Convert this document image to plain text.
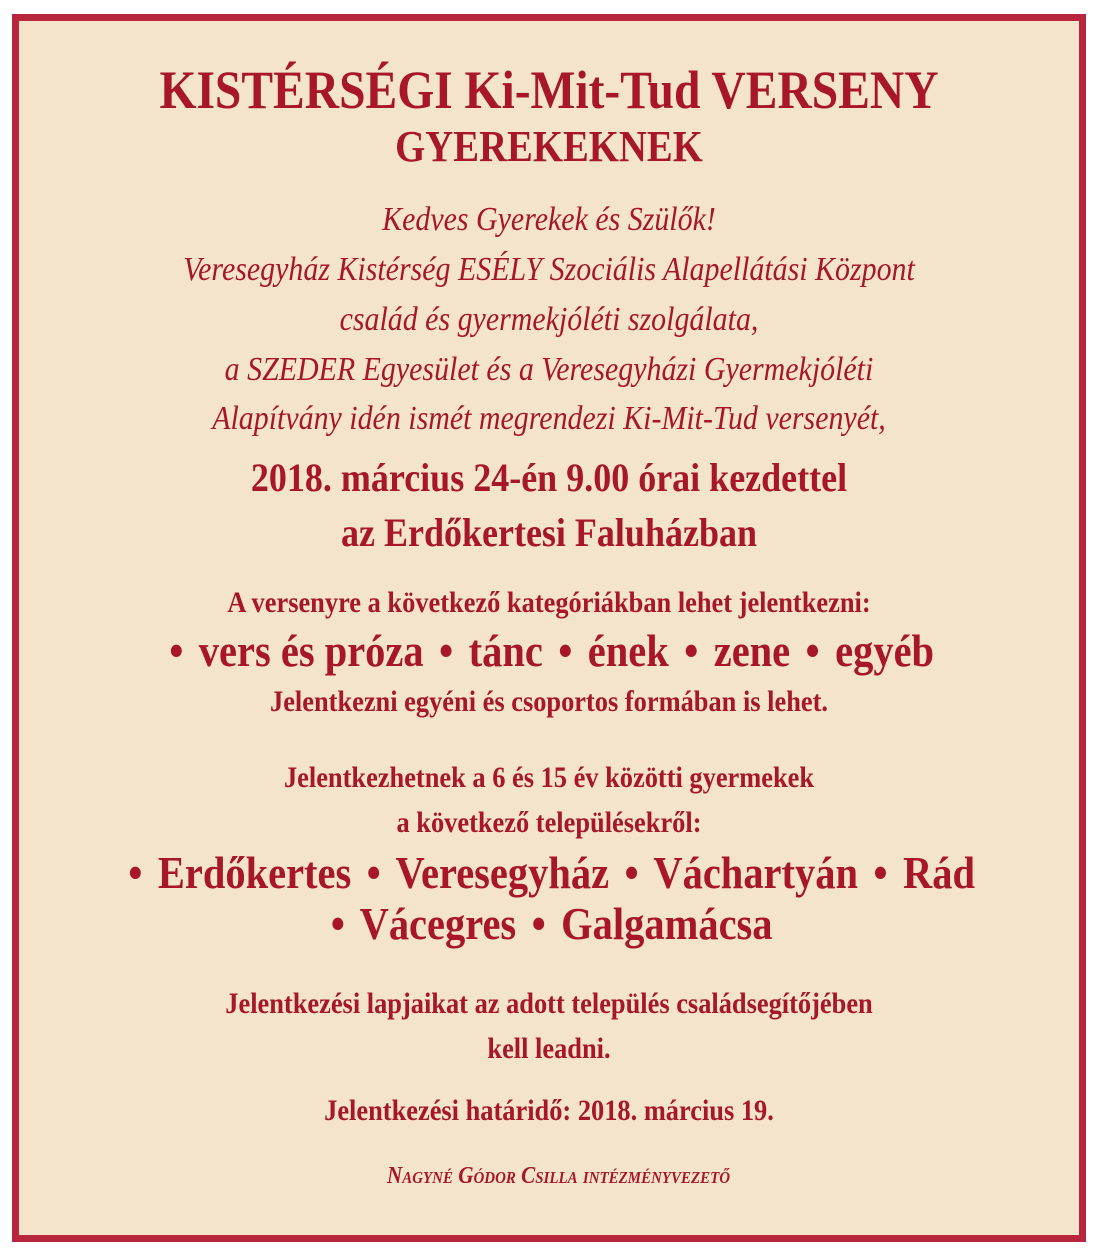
KISTÉRSÉGI Ki-Mit-Tud VERSENY
GYEREKEKNEK
Kedves Gyerekek és Szülők!
Veresegyház Kistérség ESÉLY Szociális Alapellátási Központ
család és gyermekjóléti szolgálata,
a SZEDER Egyesület és a Veresegyházi Gyermekjóléti
Alapítvány idén ismét megrendezi Ki-Mit-Tud versenyét,
2018. március 24-én 9.00 órai kezdettel
az Erdőkertesi Faluházban
A versenyre a következő kategóriákban lehet jelentkezni:
• vers és próza • tánc • ének • zene • egyéb
Jelentkezni egyéni és csoportos formában is lehet.
Jelentkezhetnek a 6 és 15 év közötti gyermekek
a következő településekről:
• Erdőkertes • Veresegyház • Váchartyán • Rád
• Vácegres • Galgamácsa
Jelentkezési lapjaikat az adott település családsegítőjében
kell leadni.
Jelentkezési határidő: 2018. március 19.
Nagyné Gódor Csilla intézményvezető
